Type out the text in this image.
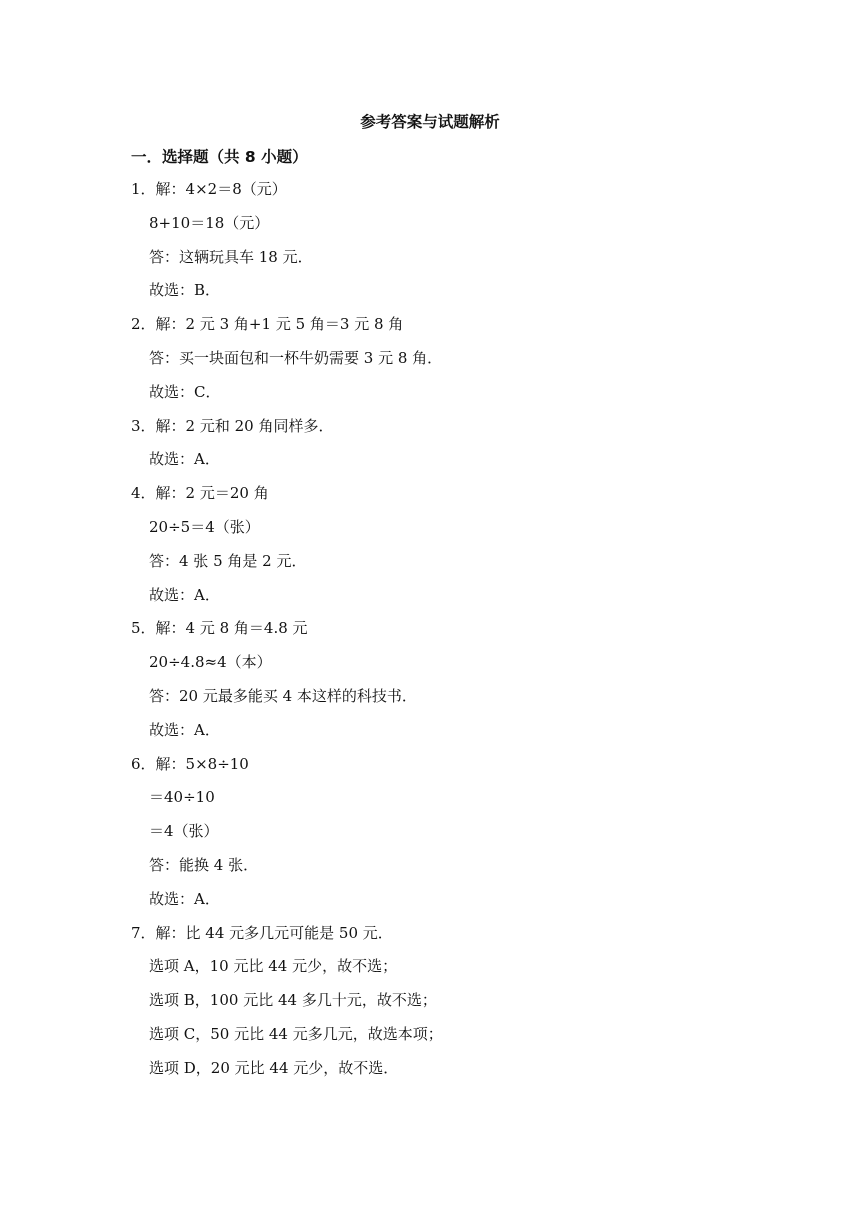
参考答案与试题解析
一．选择题（共 8 小题）
1．解：4×2＝8（元）
8+10＝18（元）
答：这辆玩具车 18 元．
故选：B．
2．解：2 元 3 角+1 元 5 角＝3 元 8 角
答：买一块面包和一杯牛奶需要 3 元 8 角．
故选：C．
3．解：2 元和 20 角同样多．
故选：A．
4．解：2 元＝20 角
20÷5＝4（张）
答：4 张 5 角是 2 元．
故选：A．
5．解：4 元 8 角＝4.8 元
20÷4.8≈4（本）
答：20 元最多能买 4 本这样的科技书．
故选：A．
6．解：5×8÷10
＝40÷10
＝4（张）
答：能换 4 张．
故选：A．
7．解：比 44 元多几元可能是 50 元．
选项 A，10 元比 44 元少，故不选；
选项 B，100 元比 44 多几十元，故不选；
选项 C，50 元比 44 元多几元，故选本项；
选项 D，20 元比 44 元少，故不选．
